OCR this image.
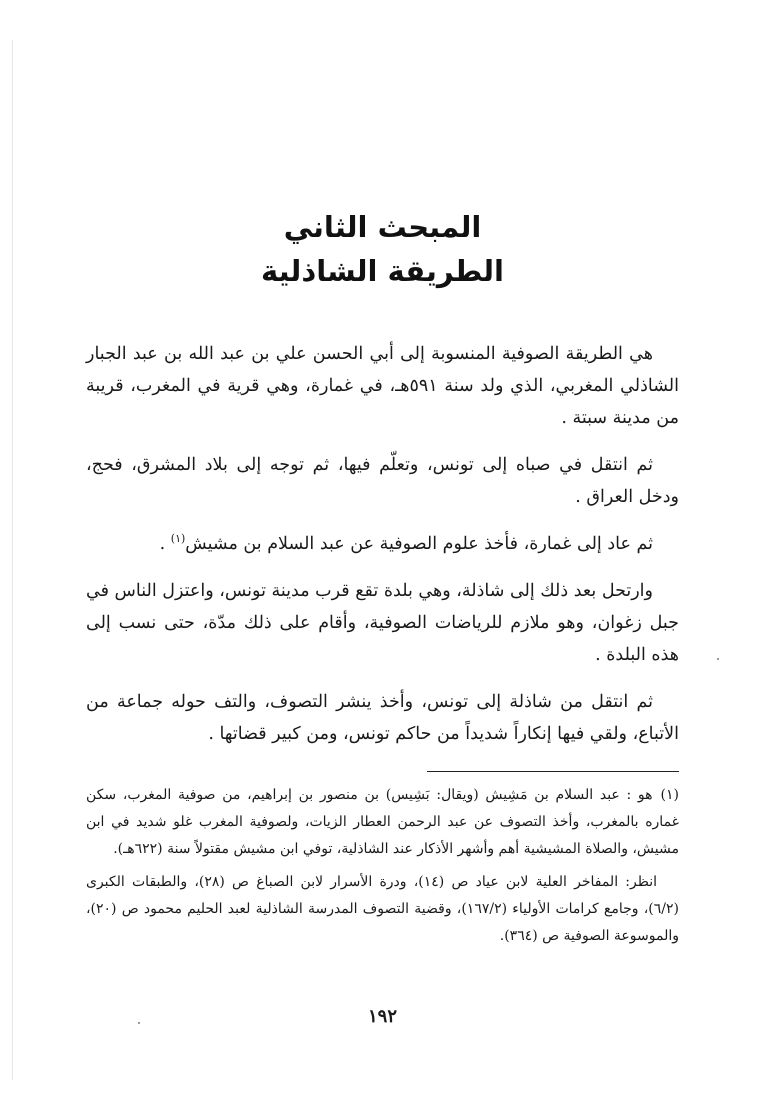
المبحث الثاني
الطريقة الشاذلية

هي الطريقة الصوفية المنسوبة إلى أبي الحسن علي بن عبد الله بن عبد الجبار الشاذلي المغربي، الذي ولد سنة ٥٩١هـ، في غمارة، وهي قرية في المغرب، قريبة من مدينة سبتة .

ثم انتقل في صباه إلى تونس، وتعلّم فيها، ثم توجه إلى بلاد المشرق، فحج، ودخل العراق .

ثم عاد إلى غمارة، فأخذ علوم الصوفية عن عبد السلام بن مشيش$^{(١)}$ .

وارتحل بعد ذلك إلى شاذلة، وهي بلدة تقع قرب مدينة تونس، واعتزل الناس في جبل زغوان، وهو ملازم للرياضات الصوفية، وأقام على ذلك مدّة، حتى نسب إلى هذه البلدة .

ثم انتقل من شاذلة إلى تونس، وأخذ ينشر التصوف، والتف حوله جماعة من الأتباع، ولقي فيها إنكاراً شديداً من حاكم تونس، ومن كبير قضاتها .

(١)هو : عبد السلام بن مَشِيش (ويقال: بَشِيس) بن منصور بن إبراهيم، من صوفية المغرب، سكن غماره بالمغرب، وأخذ التصوف عن عبد الرحمن العطار الزيات، ولصوفية المغرب غلو شديد في ابن مشيش، والصلاة المشيشية أهم وأشهر الأذكار عند الشاذلية، توفي ابن مشيش مقتولاً سنة (٦٢٢هـ).

انظر: المفاخر العلية لابن عياد ص (١٤)، ودرة الأسرار لابن الصباغ ص (٢٨)، والطبقات الكبرى (٦/٢)، وجامع كرامات الأولياء (١٦٧/٢)، وقضية التصوف المدرسة الشاذلية لعبد الحليم محمود ص (٢٠)، والموسوعة الصوفية ص (٣٦٤).

١٩٢
